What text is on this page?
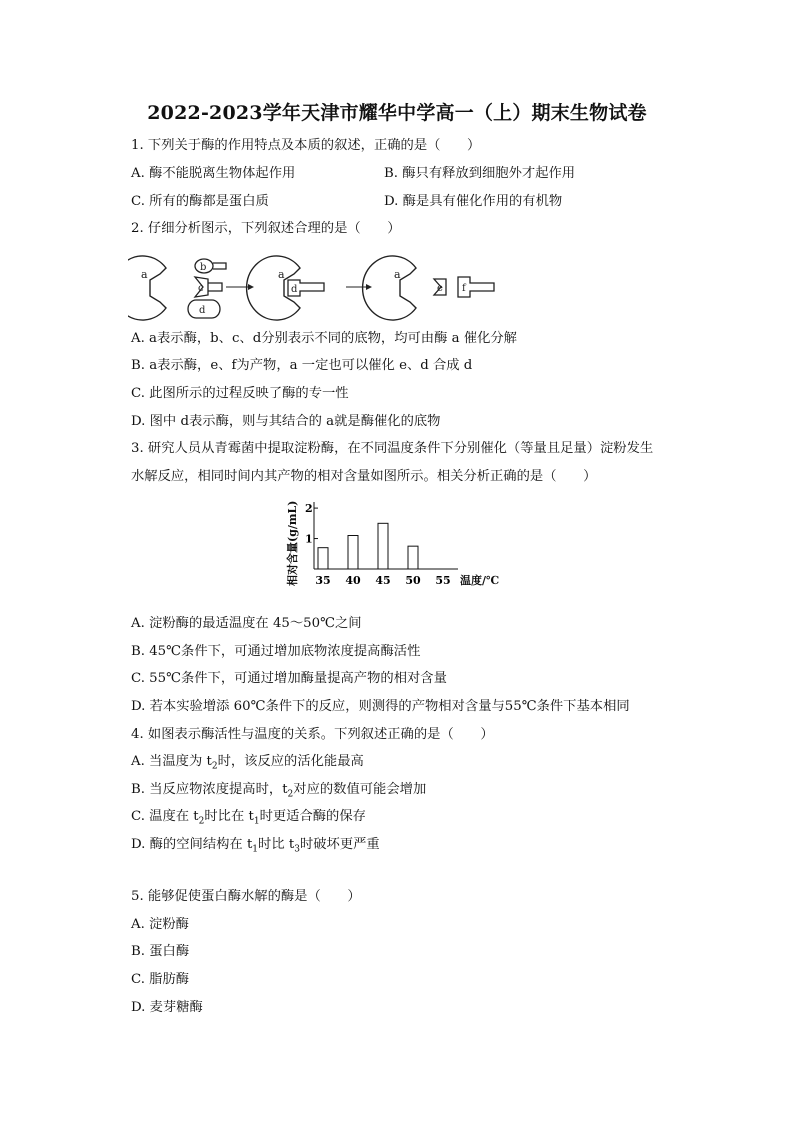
2022-2023学年天津市耀华中学高一（上）期末生物试卷
1. 下列关于酶的作用特点及本质的叙述，正确的是（　　）
A. 酶不能脱离生物体起作用	B. 酶只有释放到细胞外才起作用
C. 所有的酶都是蛋白质	D. 酶是具有催化作用的有机物
2. 仔细分析图示，下列叙述合理的是（　　）
a
b
c
d
a
d
a
e f
A. a表示酶，b、c、d分别表示不同的底物，均可由酶 a 催化分解
B. a表示酶，e、f为产物，a 一定也可以催化 e、d 合成 d
C. 此图所示的过程反映了酶的专一性
D. 图中 d表示酶，则与其结合的 a就是酶催化的底物
3. 研究人员从青霉菌中提取淀粉酶，在不同温度条件下分别催化（等量且足量）淀粉发生
水解反应，相同时间内其产物的相对含量如图所示。相关分析正确的是（　　）
相对含量(g/mL) 1
2
35 40 45 50 55 温度/℃
A. 淀粉酶的最适温度在 45～50℃之间
B. 45℃条件下，可通过增加底物浓度提高酶活性
C. 55℃条件下，可通过增加酶量提高产物的相对含量
D. 若本实验增添 60℃条件下的反应，则测得的产物相对含量与55℃条件下基本相同
4. 如图表示酶活性与温度的关系。下列叙述正确的是（　　）
A. 当温度为 $t_2$时，该反应的活化能最高
B. 当反应物浓度提高时，$t_2$对应的数值可能会增加
C. 温度在 $t_2$时比在 $t_1$时更适合酶的保存
D. 酶的空间结构在 $t_1$时比 $t_3$时破坏更严重
5. 能够促使蛋白酶水解的酶是（　　）
A. 淀粉酶
B. 蛋白酶
C. 脂肪酶
D. 麦芽糖酶
